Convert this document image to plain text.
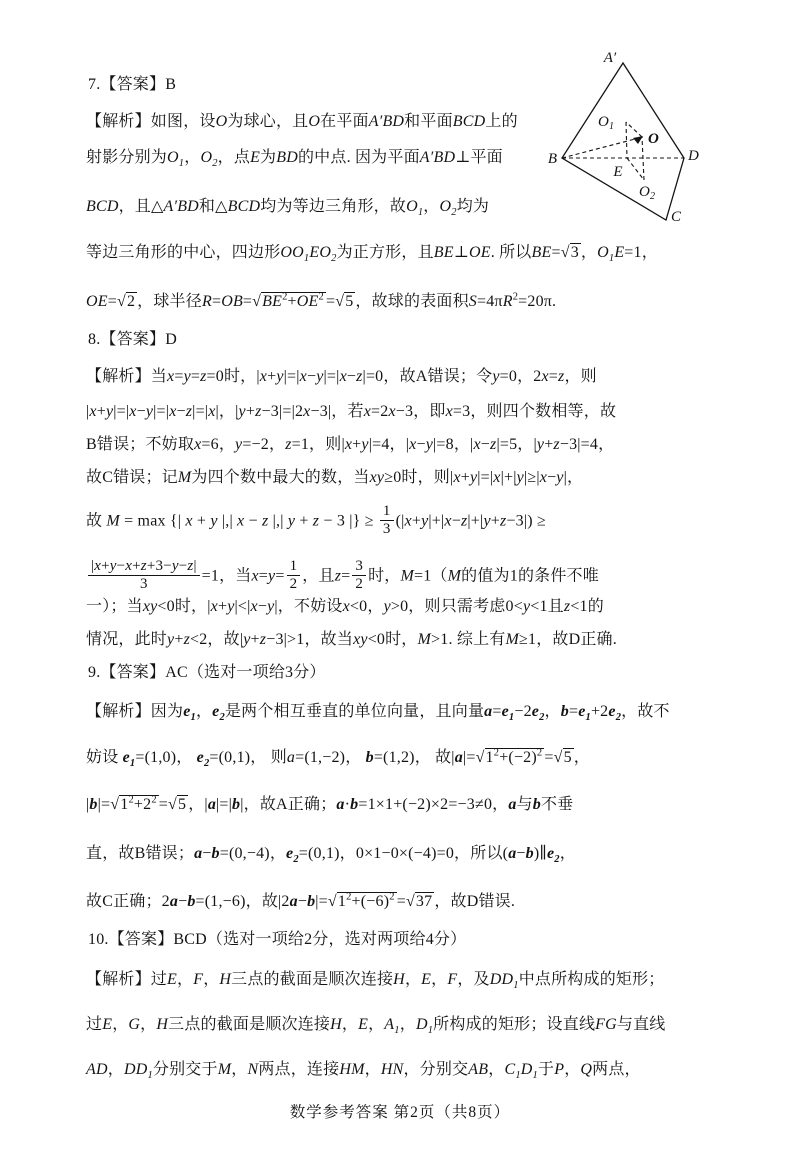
7.【答案】B
【解析】如图，设O为球心，且O在平面A′BD和平面BCD上的
射影分别为$O_1$，$O_2$，点E为BD的中点. 因为平面A′BD⊥平面
BCD，且△A′BD和△BCD均为等边三角形，故$O_1$，$O_2$均为
等边三角形的中心，四边形$OO_1EO_2$为正方形，且BE⊥OE. 所以BE= √ 3 ，$O_1E=1$，
OE= √ 2 ，球半径R=OB= √ $BE^2+OE^2$ = √ 5 ，故球的表面积$S=4\pi R^2=20\pi$.
8.【答案】D
【解析】当x=y=z=0时，|x+y|=|x−y|=|x−z|=0，故A错误；令y=0，2x=z，则
|x+y|=|x−y|=|x−z|=|x|，|y+z−3|=|2x−3|，若x=2x−3，即x=3，则四个数相等，故
B错误；不妨取x=6，y=−2，z=1，则|x+y|=4，|x−y|=8，|x−z|=5，|y+z−3|=4，
故C错误；记M为四个数中最大的数，当xy≥0时，则|x+y|=|x|+|y|≥|x−y|，
故 M = max {| x + y |,| x − z |,| y + z − 3 |} ≥ $\frac{1}{3} (|x+y|+|x-z|+|y+z-3|)$ ≥
$\frac{|x+y-x+z+3-y-z|}{3} =1$，当$x=y= \frac{1}{2}$ ，且$z= \frac{3}{2}$ 时，M=1（M的值为1的条件不唯
一）；当xy<0时，|x+y|<|x−y|，不妨设x<0，y>0，则只需考虑0<y<1且z<1的
情况，此时y+z<2，故|y+z−3|>1，故当xy<0时，M>1. 综上有M≥1，故D正确.
9.【答案】AC（选对一项给3分）
【解析】因为$e_1$，$e_2$是两个相互垂直的单位向量，且向量$a=e_1-2e_2$，$b=e_1+2e_2$，故不
妨设 $e_1=(1,0)$， $e_2=(0,1)$， 则a=(1,−2)， b=(1,2)， 故|a|= √ $1^2+(-2)^2$ = √ 5 ，
|b|= √ $1^2+2^2$ = √ 5 ，|a|=|b|，故A正确；a·b=1×1+(−2)×2=−3≠0，a与b不垂
直，故B错误；a−b=(0,−4)，$e_2=(0,1)$，0×1−0×(−4)=0，所以$(a-b)\parallel e_2$，
故C正确；2a−b=(1,−6)，故|2a−b|= √ $1^2+(-6)^2$ = √ 37 ，故D错误.
10.【答案】BCD（选对一项给2分，选对两项给4分）
【解析】过E，F，H三点的截面是顺次连接H，E，F，及$DD_1$中点所构成的矩形；
过E，G，H三点的截面是顺次连接H，E，$A_1$，$D_1$所构成的矩形；设直线FG与直线
AD，$DD_1$分别交于M，N两点，连接HM，HN，分别交AB，$C_1D_1$于P，Q两点，
A′
B	D
C
E
O
O 1
O 2
数学参考答案 第2页（共8页）
